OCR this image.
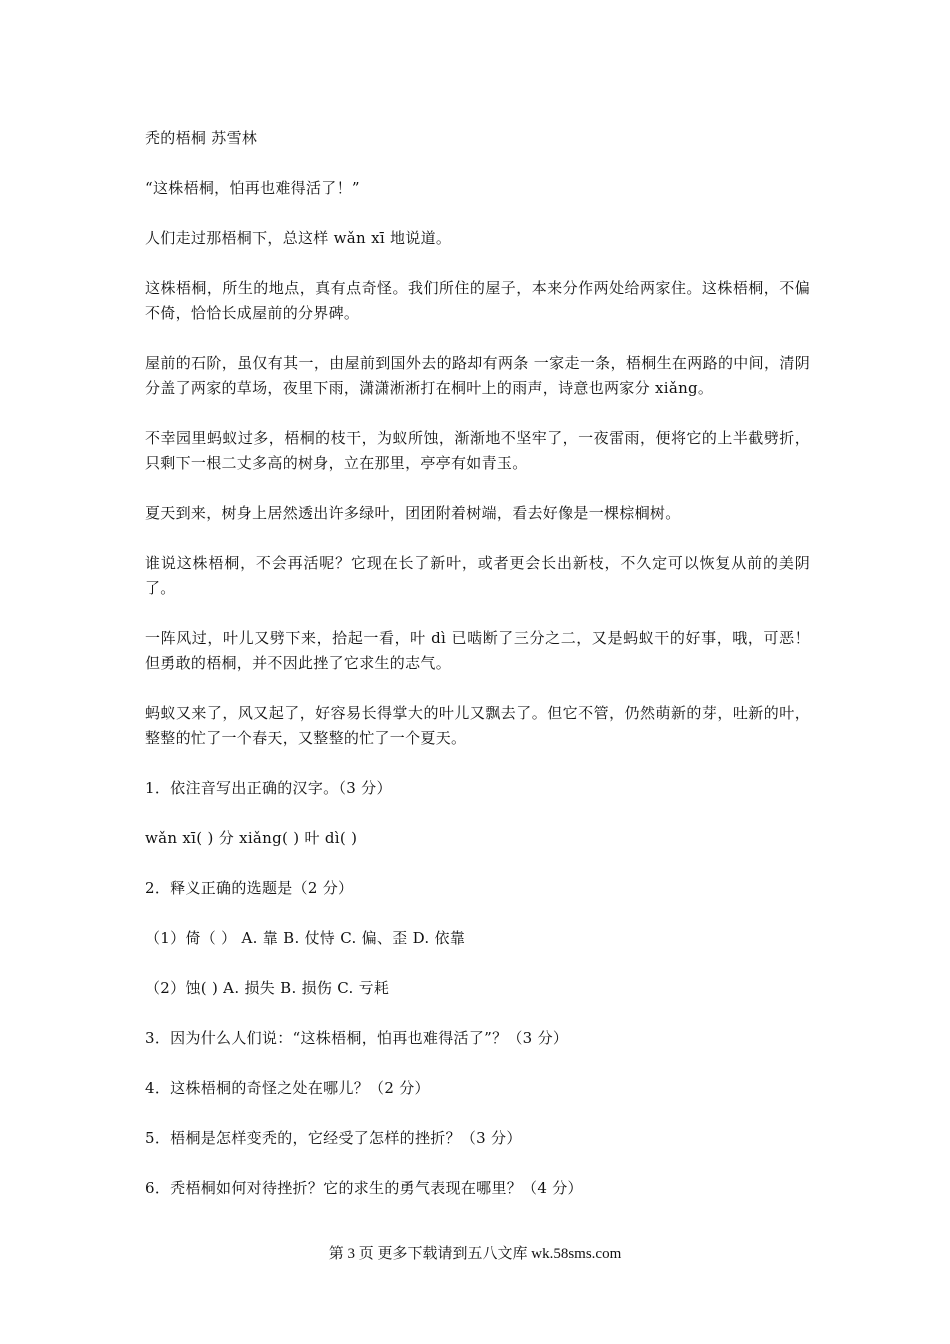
秃的梧桐 苏雪林

“这株梧桐，怕再也难得活了！”

人们走过那梧桐下，总这样 wǎn xī 地说道。

这株梧桐，所生的地点，真有点奇怪。我们所住的屋子，本来分作两处给两家住。这株梧桐，不偏不倚，恰恰长成屋前的分界碑。

屋前的石阶，虽仅有其一，由屋前到国外去的路却有两条 一家走一条，梧桐生在两路的中间，清阴分盖了两家的草场，夜里下雨，潇潇淅淅打在桐叶上的雨声，诗意也两家分 xiǎng。

不幸园里蚂蚁过多，梧桐的枝干，为蚁所蚀，渐渐地不坚牢了，一夜雷雨，便将它的上半截劈折，只剩下一根二丈多高的树身，立在那里，亭亭有如青玉。

夏天到来，树身上居然透出许多绿叶，团团附着树端，看去好像是一棵棕榈树。

谁说这株梧桐，不会再活呢？它现在长了新叶，或者更会长出新枝，不久定可以恢复从前的美阴了。

一阵风过，叶儿又劈下来，拾起一看，叶 dì 已啮断了三分之二，又是蚂蚁干的好事，哦，可恶！但勇敢的梧桐，并不因此挫了它求生的志气。

蚂蚁又来了，风又起了，好容易长得掌大的叶儿又飘去了。但它不管，仍然萌新的芽，吐新的叶，整整的忙了一个春天，又整整的忙了一个夏天。

1．依注音写出正确的汉字。（3 分）

wǎn xī( ) 分 xiǎng( ) 叶 dì( )

2．释义正确的选题是（2 分）

（1）倚（ ） A. 靠 B. 仗恃 C. 偏、歪 D. 依靠

（2）蚀( ) A. 损失 B. 损伤 C. 亏耗

3．因为什么人们说：“这株梧桐，怕再也难得活了”？（3 分）

4．这株梧桐的奇怪之处在哪儿？（2 分）

5．梧桐是怎样变秃的，它经受了怎样的挫折？（3 分）

6．秃梧桐如何对待挫折？它的求生的勇气表现在哪里？（4 分）

第 3 页 更多下载请到五八文库 wk.58sms.com
